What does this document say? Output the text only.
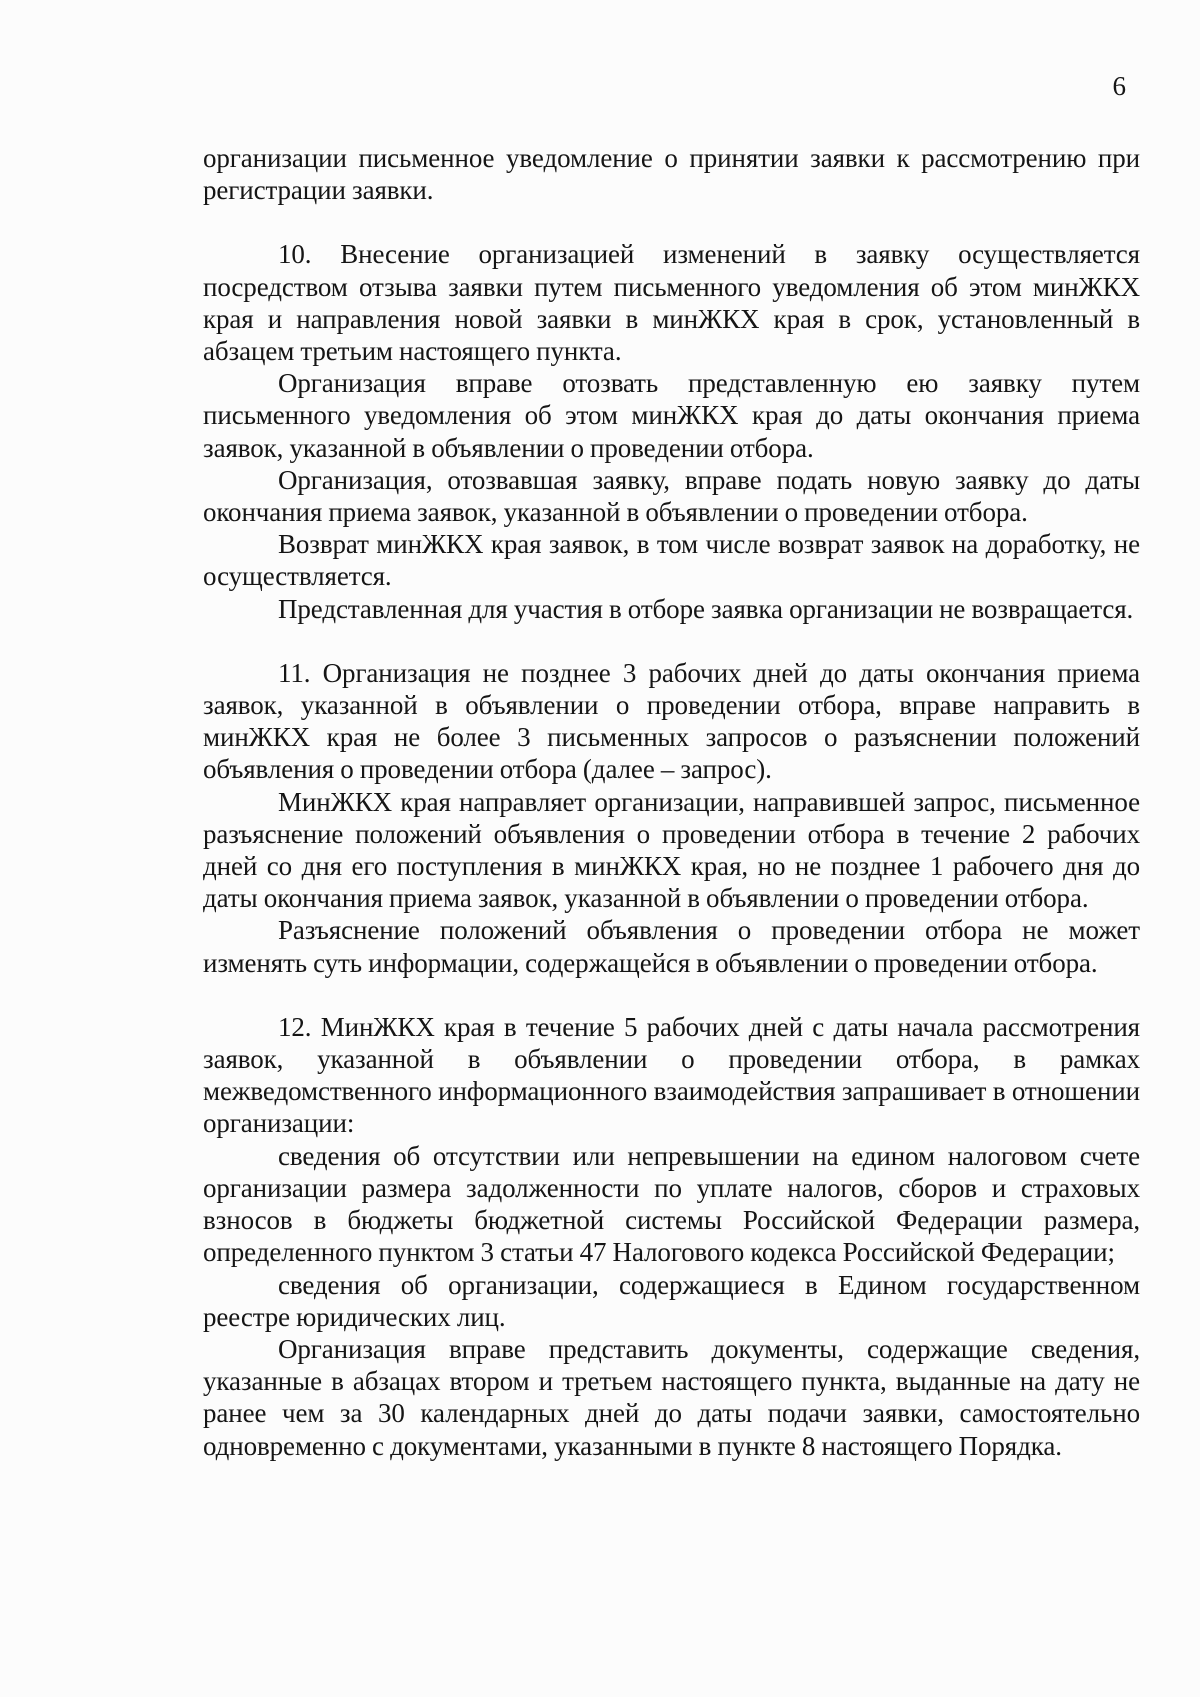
6

организации письменное уведомление о принятии заявки к рассмотрению при регистрации заявки.

10. Внесение организацией изменений в заявку осуществляется посредством отзыва заявки путем письменного уведомления об этом минЖКХ края и направления новой заявки в минЖКХ края в срок, установленный в абзацем третьим настоящего пункта.

Организация вправе отозвать представленную ею заявку путем письменного уведомления об этом минЖКХ края до даты окончания приема заявок, указанной в объявлении о проведении отбора.

Организация, отозвавшая заявку, вправе подать новую заявку до даты окончания приема заявок, указанной в объявлении о проведении отбора.

Возврат минЖКХ края заявок, в том числе возврат заявок на доработку, не осуществляется.

Представленная для участия в отборе заявка организации не возвращается.

11. Организация не позднее 3 рабочих дней до даты окончания приема заявок, указанной в объявлении о проведении отбора, вправе направить в минЖКХ края не более 3 письменных запросов о разъяснении положений объявления о проведении отбора (далее – запрос).

МинЖКХ края направляет организации, направившей запрос, письменное разъяснение положений объявления о проведении отбора в течение 2 рабочих дней со дня его поступления в минЖКХ края, но не позднее 1 рабочего дня до даты окончания приема заявок, указанной в объявлении о проведении отбора.

Разъяснение положений объявления о проведении отбора не может изменять суть информации, содержащейся в объявлении о проведении отбора.

12. МинЖКХ края в течение 5 рабочих дней с даты начала рассмотрения заявок, указанной в объявлении о проведении отбора, в рамках межведомственного информационного взаимодействия запрашивает в отношении организации:

сведения об отсутствии или непревышении на едином налоговом счете организации размера задолженности по уплате налогов, сборов и страховых взносов в бюджеты бюджетной системы Российской Федерации размера, определенного пунктом 3 статьи 47 Налогового кодекса Российской Федерации;

сведения об организации, содержащиеся в Едином государственном реестре юридических лиц.

Организация вправе представить документы, содержащие сведения, указанные в абзацах втором и третьем настоящего пункта, выданные на дату не ранее чем за 30 календарных дней до даты подачи заявки, самостоятельно одновременно с документами, указанными в пункте 8 настоящего Порядка.
